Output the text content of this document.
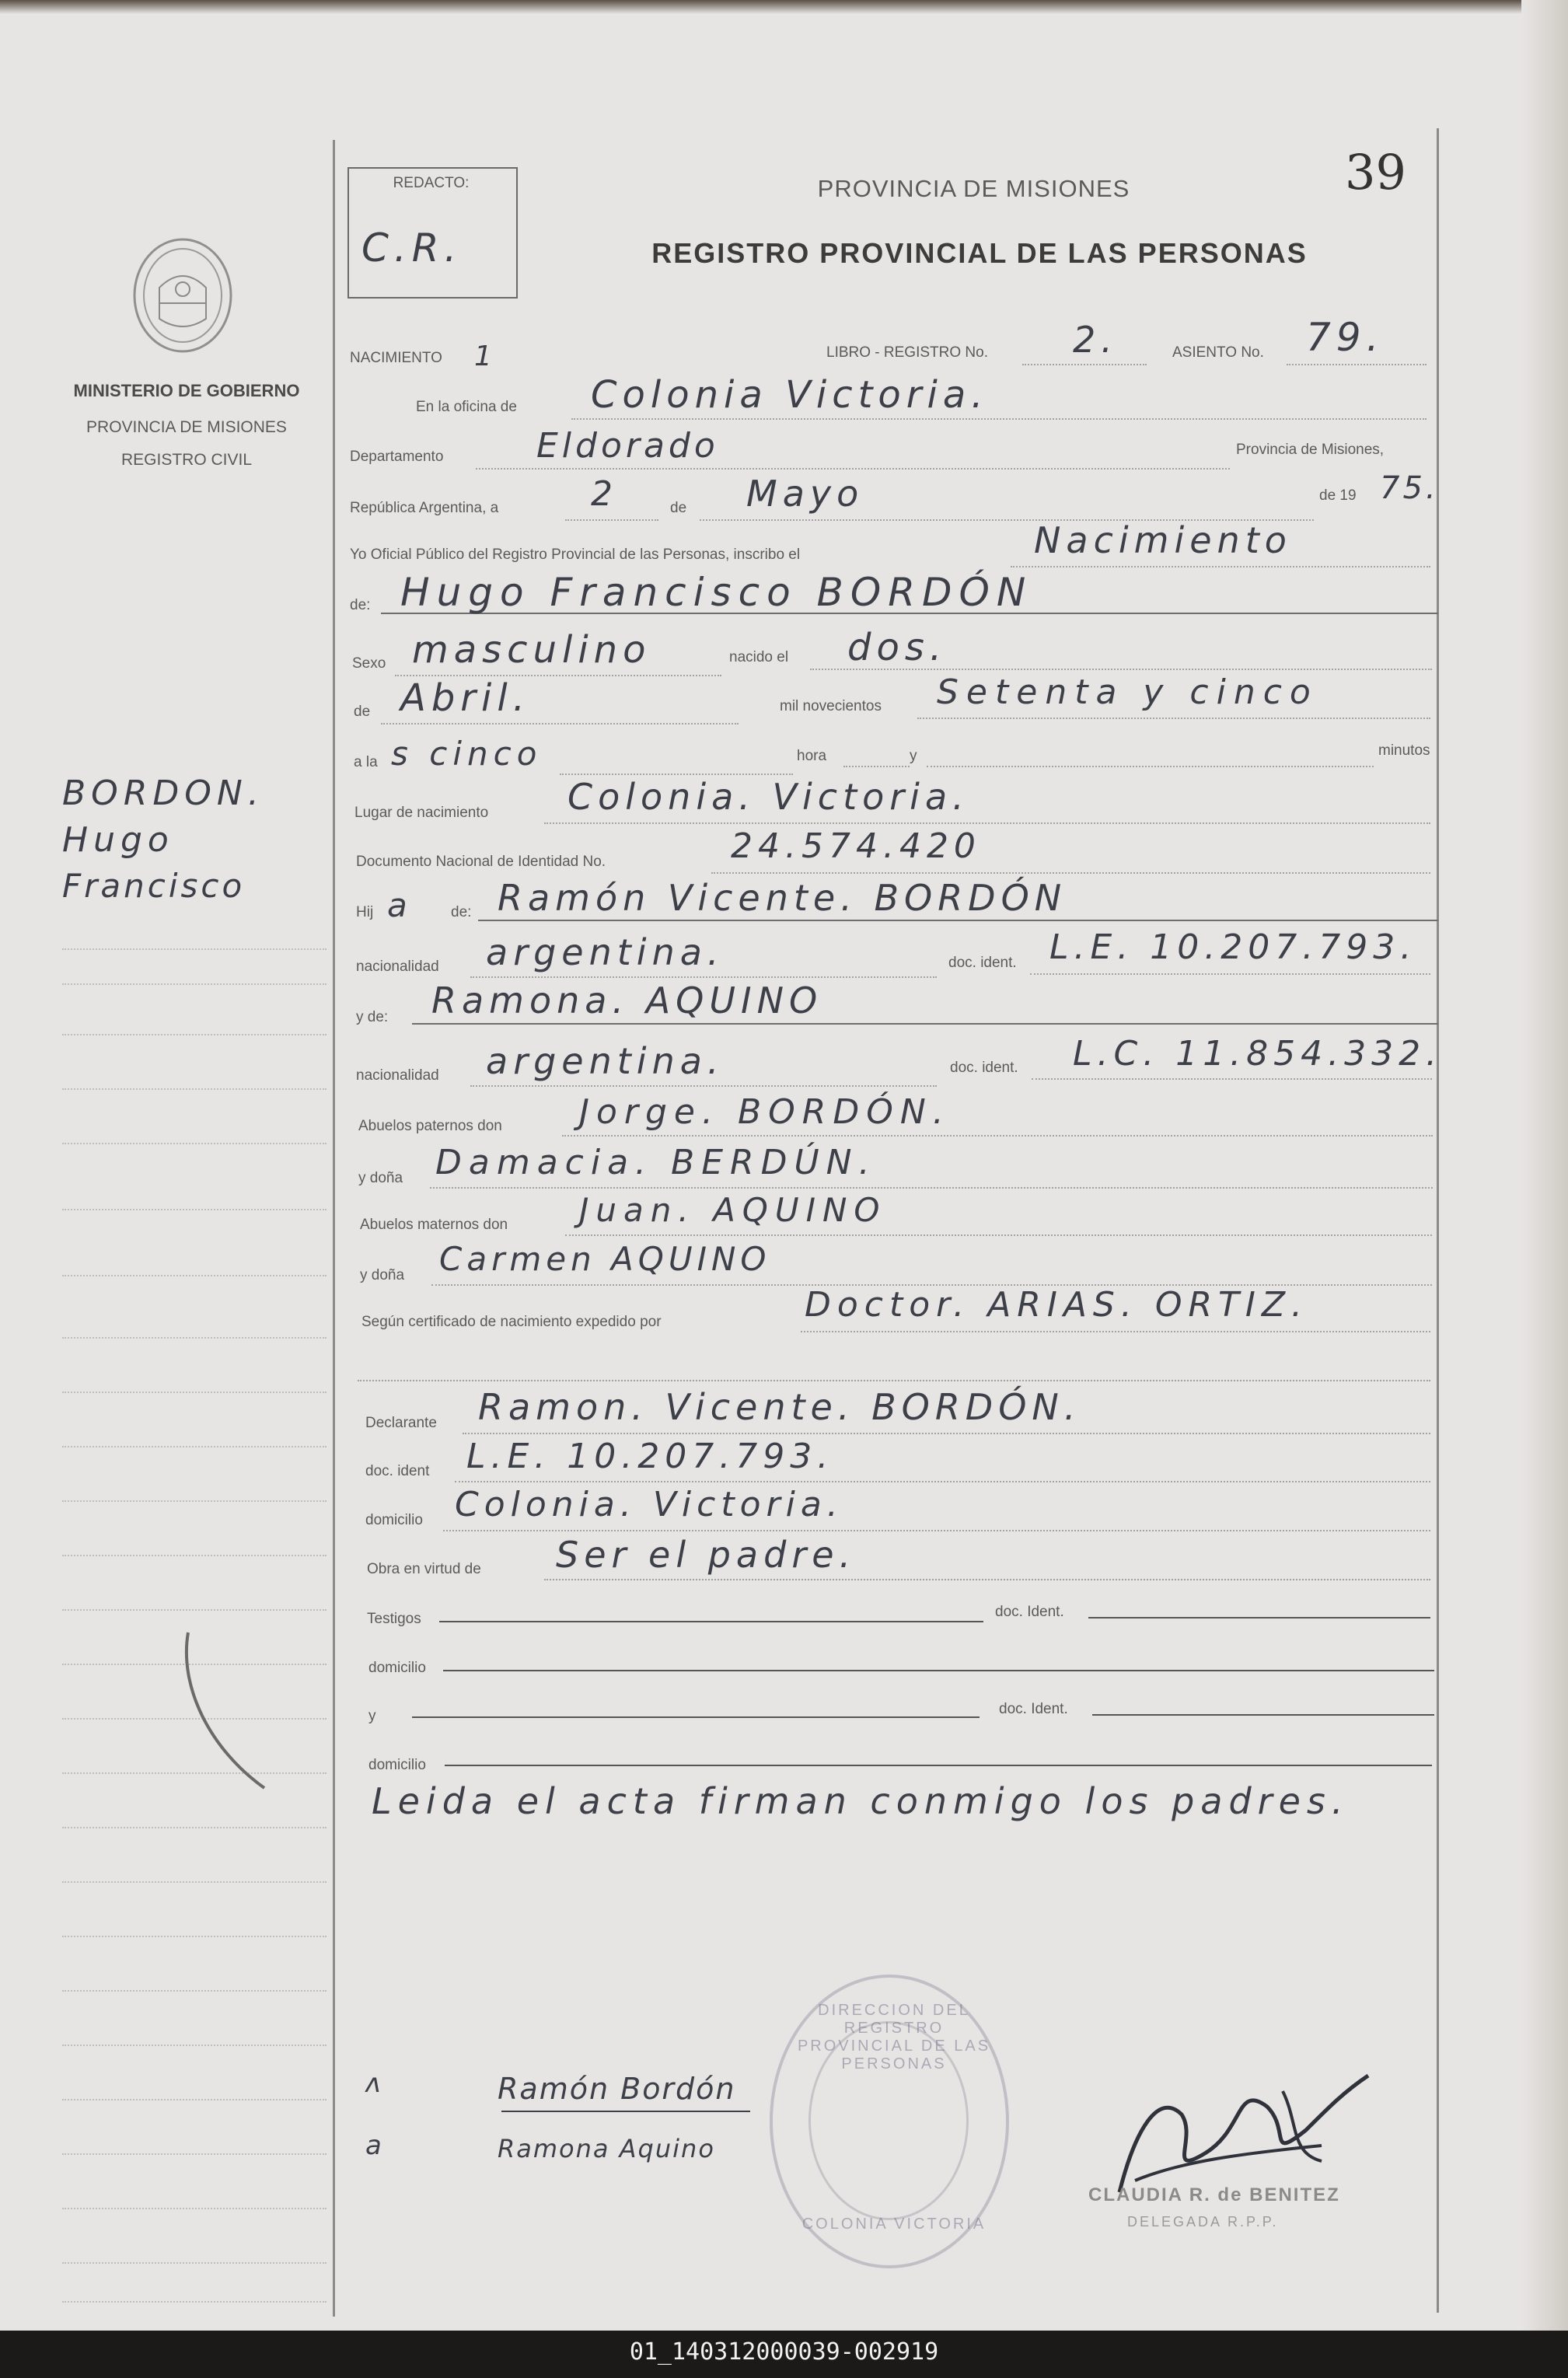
MINISTERIO DE GOBIERNO
PROVINCIA DE MISIONES
REGISTRO CIVIL
BORDON.
Hugo
Francisco
REDACTO:
C.R.
PROVINCIA DE MISIONES	39
REGISTRO PROVINCIAL DE LAS PERSONAS
NACIMIENTO 1	LIBRO - REGISTRO No. 2.	ASIENTO No. 79.
En la oficina de Colonia Victoria.
Departamento	Eldorado	Provincia de Misiones,
República Argentina, a	2	de Mayo	de 19 75.
Yo Oficial Público del Registro Provincial de las Personas, inscribo el	Nacimiento
de: Hugo Francisco BORDÓN
Sexo masculino	nacido el dos.
de Abril.	mil novecientos Setenta y cinco
a la s cinco	hora	y	minutos
Lugar de nacimiento Colonia. Victoria.
Documento Nacional de Identidad No.	24.574.420
Hij a	de: Ramón Vicente. BORDÓN
nacionalidad argentina.	doc. ident. L.E. 10.207.793.
y de: Ramona. AQUINO
nacionalidad argentina.	doc. ident. L.C. 11.854.332.
Abuelos paternos don Jorge. BORDÓN.
y doña Damacia. BERDÚN.
Abuelos maternos don Juan. AQUINO
y doña Carmen AQUINO
Según certificado de nacimiento expedido por	Doctor. ARIAS. ORTIZ.
Declarante Ramon. Vicente. BORDÓN.
doc. ident L.E. 10.207.793.
domicilio Colonia. Victoria.
Obra en virtud de Ser el padre.
Testigos	doc. Ident.
domicilio
y	doc. Ident.
domicilio
Leida el acta firman conmigo los padres.
DIRECCION DEL REGISTRO PROVINCIAL DE LAS PERSONAS
COLONIA VICTORIA
ʌ	Ramón Bordón
a	Ramona Aquino
CLAUDIA R. de BENITEZ
DELEGADA R.P.P.
01_140312000039-002919
